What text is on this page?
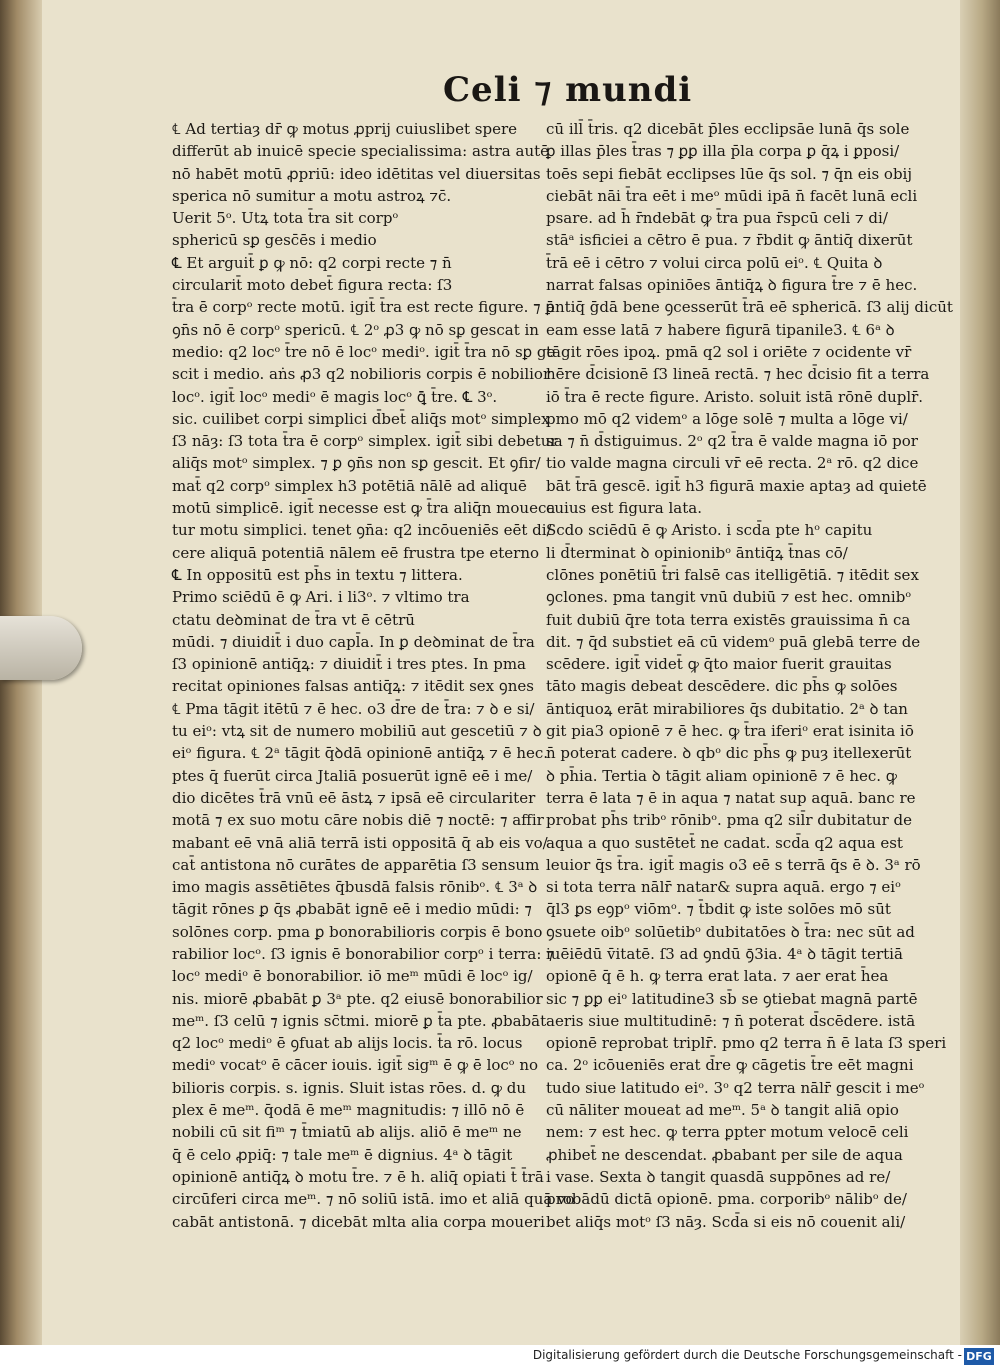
Celi ⁊ mundi
℄ Ad tertiaȝ dr̄ ꝙ motus ꝓprij cuiuslibet spere
differūt ab inuicē specie specialissima: astra autē
nō habēt motū ꝓpriū: ideo idētitas vel diuersitas
sperica nō sumitur a motu astroꝝ ⁊c̄.
Uerit 5ᵒ. Utꝝ tota t̄ra sit corpᵒ
sphericū sꝑ gesc̄ēs i medio
℄ Et arguit̄ ꝑ ꝙ nō: q2 corpi recte ⁊ n̄
circularit̄ moto debet̄ figura recta: ſ3
t̄ra ē corpᵒ recte motū. igit̄ t̄ra est recte figure. ⁊ ꝑ
ꝯn̄s nō ē corpᵒ spericū. ℄ 2ᵒ ꝓ3 ꝙ nō sꝑ gescat in
medio: q2 locᵒ t̄re nō ē locᵒ mediᵒ. igit̄ t̄ra nō sꝑ ge
scit i medio. aṅs ꝓ3 q2 nobilioris corpis ē nobilior
locᵒ. igit̄ locᵒ mediᵒ ē magis locᵒ ꝗ̄ t̄re. ℄ 3ᵒ.
sic. cuilibet corpi simplici d̄bet̄ aliq̄s motᵒ simplex
ſ3 nāȝ: ſ3 tota t̄ra ē corpᵒ simplex. igit̄ sibi debetur
aliq̄s motᵒ simplex. ⁊ ꝑ ꝯn̄s non sꝑ gescit. Et ꝯfir/
mat̄ q2 corpᵒ simplex h3 potētiā nālē ad aliquē
motū simplicē. igit̄ necesse est ꝙ t̄ra aliq̄n moueca
tur motu simplici. tenet ꝯn̄a: q2 incōueniēs eēt di/
cere aliquā potentiā nālem eē frustra tpe eterno
℄ In oppositū est ph̄s in textu ⁊ littera.
Primo sciēdū ē ꝙ Ari. i li3ᵒ. ⁊ vltimo tra
ctatu deꝺminat de t̄ra vt ē cētrū
mūdi. ⁊ diuidit̄ i duo capl̄a. In ꝑ deꝺminat de t̄ra
ſ3 opinionē antiq̄ꝝ: ⁊ diuidit̄ i tres ptes. In pma
recitat opiniones falsas antiq̄ꝝ: ⁊ itēdit sex ꝯnes
℄ Pma tāgit itētū ⁊ ē hec. o3 d̄re de t̄ra: ⁊ ꝺ e si/
tu eiᵒ: vtꝝ sit de numero mobiliū aut gescetiū ⁊ ꝺ
eiᵒ figura. ℄ 2ᵃ tāgit q̄ꝺdā opinionē antiq̄ꝝ ⁊ ē hec.
ptes q̄ fuerūt circa Jtaliā posuerūt ignē eē i me/
dio dicētes t̄rā vnū eē āstꝝ ⁊ ipsā eē circulariter
motā ⁊ ex suo motu cāre nobis diē ⁊ noctē: ⁊ affir
mabant eē vnā aliā terrā isti oppositā q̄ ab eis vo/
cat̄ antistona nō curātes de apparētia ſ3 sensum
imo magis assētiētes q̄busdā falsis rōnibᵒ. ℄ 3ᵃ ꝺ
tāgit rōnes ꝑ q̄s ꝓbabāt ignē eē i medio mūdi: ⁊
solōnes corp. pma ꝑ bonorabilioris corpis ē bono
rabilior locᵒ. ſ3 ignis ē bonorabilior corpᵒ i terra: ⁊
locᵒ mediᵒ ē bonorabilior. iō meᵐ mūdi ē locᵒ ig/
nis. miorē ꝓbabāt ꝑ 3ᵃ pte. q2 eiusē bonorabilior
meᵐ. ſ3 celū ⁊ ignis sc̄tmi. miorē ꝑ t̄a pte. ꝓbabāt
q2 locᵒ mediᵒ ē ꝯfuat ab alijs locis. t̄a rō. locus
mediᵒ vocatᵒ ē cācer iouis. igit̄ sigᵐ ē ꝙ ē locᵒ no
bilioris corpis. s. ignis. Sluit istas rōes. d. ꝙ du
plex ē meᵐ. q̄odā ē meᵐ magnitudis: ⁊ illō nō ē
nobili cū sit fiᵐ ⁊ t̄miatū ab alijs. aliō ē meᵐ ne
q̄ ē celo ꝓpiq̄: ⁊ tale meᵐ ē dignius. 4ᵃ ꝺ tāgit
opinionē antiq̄ꝝ ꝺ motu t̄re. ⁊ ē h. aliq̄ opiati t̄ t̄rā
circūferi circa meᵐ. ⁊ nō soliū istā. imo et aliā quā vo
cabāt antistonā. ⁊ dicebāt mlta alia corpa moueri
cū ill̄ t̄ris. q2 dicebāt p̄les ecclipsāe lunā q̄s sole
ꝑ illas p̄les t̄ras ⁊ ꝑꝑ illa p̄la corpa ꝑ q̄ꝝ i ꝑposi/
toēs sepi fiebāt ecclipses lūe q̄s sol. ⁊ q̄n eis obij
ciebāt nāi t̄ra eēt i meᵒ mūdi ipā n̄ facēt lunā ecli
psare. ad h̄ r̄ndebāt ꝙ t̄ra pua r̄spcū celi ⁊ di/
stāᵃ isficiei a cētro ē pua. ⁊ r̄bdit ꝙ āntiq̄ dixerūt
t̄rā eē i cētro ⁊ volui circa polū eiᵒ. ℄ Quita ꝺ
narrat falsas opiniōes āntiq̄ꝝ ꝺ figura t̄re ⁊ ē hec.
āntiq̄ ḡdā bene ꝯcesserūt t̄rā eē sphericā. ſ3 alij dicūt
eam esse latā ⁊ habere figurā tipanile3. ℄ 6ᵃ ꝺ
tāgit rōes ipoꝝ. pmā q2 sol i oriēte ⁊ ocidente vr̄
hēre d̄cisionē ſ3 lineā rectā. ⁊ hec d̄cisio fit a terra
iō t̄ra ē recte figure. Aristo. soluit istā rōnē duplr̄.
pmo mō q2 videmᵒ a lōge solē ⁊ multa a lōge vi/
sa ⁊ n̄ d̄stiguimus. 2ᵒ q2 t̄ra ē valde magna iō por
tio valde magna circuli vr̄ eē recta. 2ᵃ rō. q2 dice
bāt t̄rā gescē. igit̄ h3 figurā maxie aptaȝ ad quietē
cuius est figura lata.
Scdo sciēdū ē ꝙ Aristo. i scd̄a pte hᵒ capitu
li d̄terminat ꝺ opinionibᵒ āntiq̄ꝝ t̄nas cō/
clōnes ponētiū t̄ri falsē cas itelligētiā. ⁊ itēdit sex
ꝯclones. pma tangit vnū dubiū ⁊ est hec. omnibᵒ
fuit dubiū q̄re tota terra existēs grauissima n̄ ca
dit. ⁊ q̄d substiet eā cū videmᵒ puā glebā terre de
scēdere. igit̄ videt̄ ꝙ q̄to maior fuerit grauitas
tāto magis debeat descēdere. dic ph̄s ꝙ solōes
āntiquoꝝ erāt mirabiliores q̄s dubitatio. 2ᵃ ꝺ tan
git pia3 opionē ⁊ ē hec. ꝙ t̄ra iferiᵒ erat isinita iō
n̄ poterat cadere. ꝺ qbᵒ dic ph̄s ꝙ puȝ itellexerūt
ꝺ ph̄ia. Tertia ꝺ tāgit aliam opinionē ⁊ ē hec. ꝙ
terra ē lata ⁊ ē in aqua ⁊ natat sup aquā. banc re
probat ph̄s tribᵒ rōnibᵒ. pma q2 sil̄r dubitatur de
aqua a quo sustētet̄ ne cadat. scd̄a q2 aqua est
leuior q̄s t̄ra. igit̄ magis o3 eē s terrā q̄s ē ꝺ. 3ᵃ rō
si tota terra nālr̄ natar& supra aquā. ergo ⁊ eiᵒ
q̄l3 ꝑs eꝯpᵒ viōmᵒ. ⁊ t̄bdit ꝙ iste solōes mō sūt
ꝯsuete oibᵒ solūetibᵒ dubitatōes ꝺ t̄ra: nec sūt ad
iuēiēdū v̄itatē. ſ3 ad ꝯndū ꝯ̄3ia. 4ᵃ ꝺ tāgit tertiā
opionē q̄ ē h. ꝙ terra erat lata. ⁊ aer erat h̄ea
sic ⁊ ꝑꝑ eiᵒ latitudine3 sb̄ se ꝯtiebat magnā partē
aeris siue multitudinē: ⁊ n̄ poterat d̄scēdere. istā
opionē reprobat triplr̄. pmo q2 terra n̄ ē lata ſ3 speri
ca. 2ᵒ icōueniēs erat d̄re ꝙ cāgetis t̄re eēt magni
tudo siue latitudo eiᵒ. 3ᵒ q2 terra nālr̄ gescit i meᵒ
cū nāliter moueat ad meᵐ. 5ᵃ ꝺ tangit aliā opio
nem: ⁊ est hec. ꝙ terra ꝑpter motum velocē celi
ꝓhibet̄ ne descendat. ꝓbabant per sile de aqua
i vase. Sexta ꝺ tangit quasdā suppōnes ad re/
probādū dictā opionē. pma. corporibᵒ nālibᵒ de/
bet aliq̄s motᵒ ſ3 nāȝ. Scd̄a si eis nō couenit ali/
Digitalisierung gefördert durch die Deutsche Forschungsgemeinschaft - DFG
